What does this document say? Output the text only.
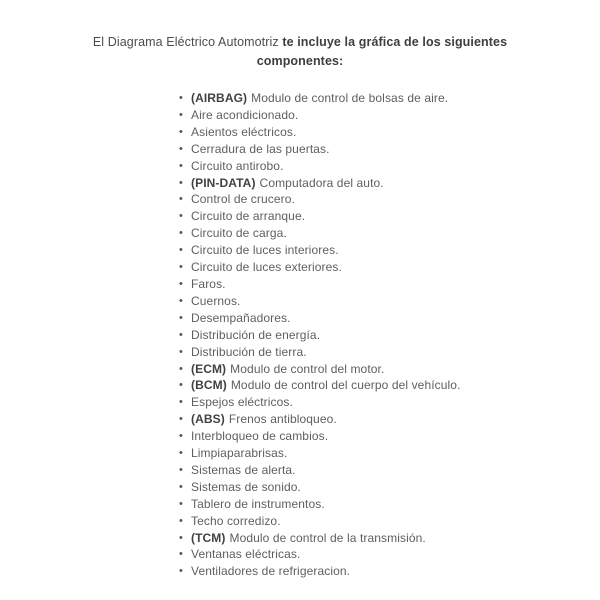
El Diagrama Eléctrico Automotriz te incluye la gráfica de los siguientes
componentes:
• (AIRBAG) Modulo de control de bolsas de aire.
• Aire acondicionado.
• Asientos eléctricos.
• Cerradura de las puertas.
• Circuito antirobo.
• (PIN-DATA) Computadora del auto.
• Control de crucero.
• Circuito de arranque.
• Circuito de carga.
• Circuito de luces interiores.
• Circuito de luces exteriores.
• Faros.
• Cuernos.
• Desempañadores.
• Distribución de energía.
• Distribución de tierra.
• (ECM) Modulo de control del motor.
• (BCM) Modulo de control del cuerpo del vehículo.
• Espejos eléctricos.
• (ABS) Frenos antibloqueo.
• Interbloqueo de cambios.
• Limpiaparabrisas.
• Sistemas de alerta.
• Sistemas de sonido.
• Tablero de instrumentos.
• Techo corredizo.
• (TCM) Modulo de control de la transmisión.
• Ventanas eléctricas.
• Ventiladores de refrigeracion.
